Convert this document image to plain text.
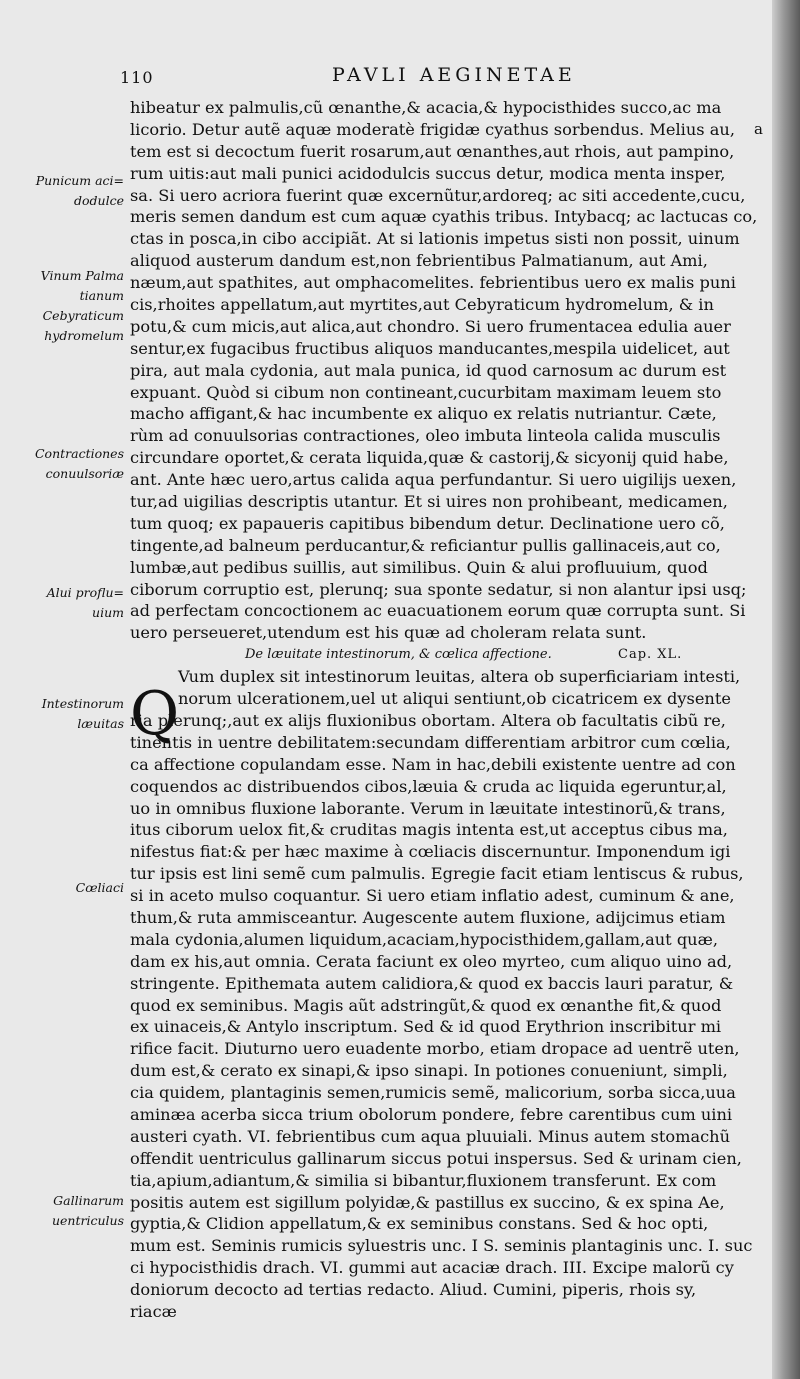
110	PAVLI AEGINETAE
a
Punicum aci=
dodulce
Vinum Palma
tianum
Cebyraticum
hydromelum
Contractiones
conuulsoriæ
Alui proflu=
uium
Intestinorum
læuitas
Cœliaci
Gallinarum
uentriculus
Q
hibeatur ex palmulis,cũ œnanthe,& acacia,& hypocisthides succo,ac ma
licorio. Detur autẽ aquæ moderatè frigidæ cyathus sorbendus. Melius au,
tem est si decoctum fuerit rosarum,aut œnanthes,aut rhois, aut pampino,
rum uitis:aut mali punici acidodulcis succus detur, modica menta insper,
sa. Si uero acriora fuerint quæ excernũtur,ardoreq; ac siti accedente,cucu,
meris semen dandum est cum aquæ cyathis tribus. Intybacq; ac lactucas co,
ctas in posca,in cibo accipiãt. At si lationis impetus sisti non possit, uinum
aliquod austerum dandum est,non febrientibus Palmatianum, aut Ami,
næum,aut spathites, aut omphacomelites. febrientibus uero ex malis puni
cis,rhoites appellatum,aut myrtites,aut Cebyraticum hydromelum, & in
potu,& cum micis,aut alica,aut chondro. Si uero frumentacea edulia auer
sentur,ex fugacibus fructibus aliquos manducantes,mespila uidelicet, aut
pira, aut mala cydonia, aut mala punica, id quod carnosum ac durum est
expuant. Quòd si cibum non contineant,cucurbitam maximam leuem sto
macho affigant,& hac incumbente ex aliquo ex relatis nutriantur. Cæte,
rùm ad conuulsorias contractiones, oleo imbuta linteola calida musculis
circundare oportet,& cerata liquida,quæ & castorij,& sicyonij quid habe,
ant. Ante hæc uero,artus calida aqua perfundantur. Si uero uigilijs uexen,
tur,ad uigilias descriptis utantur. Et si uires non prohibeant, medicamen,
tum quoq; ex papaueris capitibus bibendum detur. Declinatione uero cõ,
tingente,ad balneum perducantur,& reficiantur pullis gallinaceis,aut co,
lumbæ,aut pedibus suillis, aut similibus. Quin & alui profluuium, quod
ciborum corruptio est, plerunq; sua sponte sedatur, si non alantur ipsi usq;
ad perfectam concoctionem ac euacuationem eorum quæ corrupta sunt. Si
uero perseueret,utendum est his quæ ad choleram relata sunt.
De læuitate intestinorum, & cœlica affectione.	Cap. XL.
Vum duplex sit intestinorum leuitas, altera ob superficiariam intesti,
norum ulcerationem,uel ut aliqui sentiunt,ob cicatricem ex dysente
ria plerunq;,aut ex alijs fluxionibus obortam. Altera ob facultatis cibũ re,
tinentis in uentre debilitatem:secundam differentiam arbitror cum cœlia,
ca affectione copulandam esse. Nam in hac,debili existente uentre ad con
coquendos ac distribuendos cibos,læuia & cruda ac liquida egeruntur,al,
uo in omnibus fluxione laborante. Verum in læuitate intestinorũ,& trans,
itus ciborum uelox fit,& cruditas magis intenta est,ut acceptus cibus ma,
nifestus fiat:& per hæc maxime à cœliacis discernuntur. Imponendum igi
tur ipsis est lini semẽ cum palmulis. Egregie facit etiam lentiscus & rubus,
si in aceto mulso coquantur. Si uero etiam inflatio adest, cuminum & ane,
thum,& ruta ammisceantur. Augescente autem fluxione, adijcimus etiam
mala cydonia,alumen liquidum,acaciam,hypocisthidem,gallam,aut quæ,
dam ex his,aut omnia. Cerata faciunt ex oleo myrteo, cum aliquo uino ad,
stringente. Epithemata autem calidiora,& quod ex baccis lauri paratur, &
quod ex seminibus. Magis aũt adstringũt,& quod ex œnanthe fit,& quod
ex uinaceis,& Antylo inscriptum. Sed & id quod Erythrion inscribitur mi
rifice facit. Diuturno uero euadente morbo, etiam dropace ad uentrẽ uten,
dum est,& cerato ex sinapi,& ipso sinapi. In potiones conueniunt, simpli,
cia quidem, plantaginis semen,rumicis semẽ, malicorium, sorba sicca,uua
aminæa acerba sicca trium obolorum pondere, febre carentibus cum uini
austeri cyath. VI. febrientibus cum aqua pluuiali. Minus autem stomachũ
offendit uentriculus gallinarum siccus potui inspersus. Sed & urinam cien,
tia,apium,adiantum,& similia si bibantur,fluxionem transferunt. Ex com
positis autem est sigillum polyidæ,& pastillus ex succino, & ex spina Ae,
gyptia,& Clidion appellatum,& ex seminibus constans. Sed & hoc opti,
mum est. Seminis rumicis syluestris unc. I S. seminis plantaginis unc. I. suc
ci hypocisthidis drach. VI. gummi aut acaciæ drach. III. Excipe malorũ cy
doniorum decocto ad tertias redacto. Aliud. Cumini, piperis, rhois sy,
riacæ
